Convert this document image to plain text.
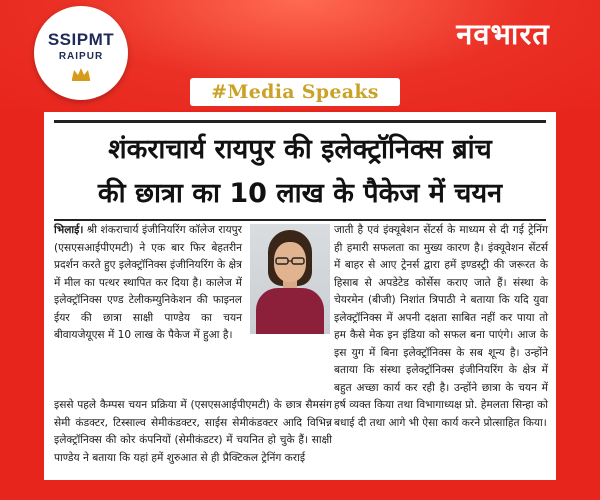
SSIPMT
RAIPUR
नवभारत
#Media Speaks
शंकराचार्य रायपुर की इलेक्ट्रॉनिक्स ब्रांच
की छात्रा का 10 लाख के पैकेज में चयन
भिलाई। श्री शंकराचार्य इंजीनियरिंग कॉलेज रायपुर (एसएसआईपीएमटी) ने एक बार फिर बेहतरीन प्रदर्शन करते हुए इलेक्ट्रॉनिक्स इंजीनियरिंग के क्षेत्र में मील का पत्थर स्थापित कर दिया है। कालेज में इलेक्ट्रॉनिक्स एण्ड टेलीकम्युनिकेशन की फाइनल ईयर की छात्रा साक्षी पाण्डेय का चयन बीवायजेयूएस में 10 लाख के पैकेज में हुआ है।
इससे पहले कैम्पस चयन प्रक्रिया में (एसएसआईपीएमटी) के छात्र सैमसंग सेमी कंडक्टर, टिस्साल्व सेमीकंडक्टर, साईस सेमीकंडक्टर आदि विभिन्न इलेक्ट्रॉनिक्स की कोर कंपनियों (सेमीकंडटर) में चयनित हो चुके हैं। साक्षी पाण्डेय ने बताया कि यहां हमें शुरुआत से ही प्रैक्टिकल ट्रेनिंग कराई
जाती है एवं इंक्यूबेशन सेंटर्स के माध्यम से दी गई ट्रेनिंग ही हमारी सफलता का मुख्य कारण है। इंक्यूवेशन सेंटर्स में बाहर से आए ट्रेनर्स द्वारा हमें इण्डस्ट्री की जरूरत के हिसाब से अपडेटेड कोर्सेस कराए जाते हैं। संस्था के चेयरमेन (बीजी) निशांत त्रिपाठी ने बताया कि यदि युवा इलेक्ट्रॉनिक्स में अपनी दक्षता साबित नहीं कर पाया तो हम कैसे मेक इन इंडिया को सफल बना पाएंगे। आज के इस युग में बिना इलेक्ट्रॉनिक्स के सब शून्य है। उन्होंने बताया कि संस्था इलेक्ट्रॉनिक्स इंजीनियरिंग के क्षेत्र में बहुत अच्छा कार्य कर रही है। उन्होंने छात्रा के चयन में हर्ष व्यक्त किया तथा विभागाध्यक्ष प्रो. हेमलता सिन्हा को बधाई दी तथा आगे भी ऐसा कार्य करने प्रोत्साहित किया।
